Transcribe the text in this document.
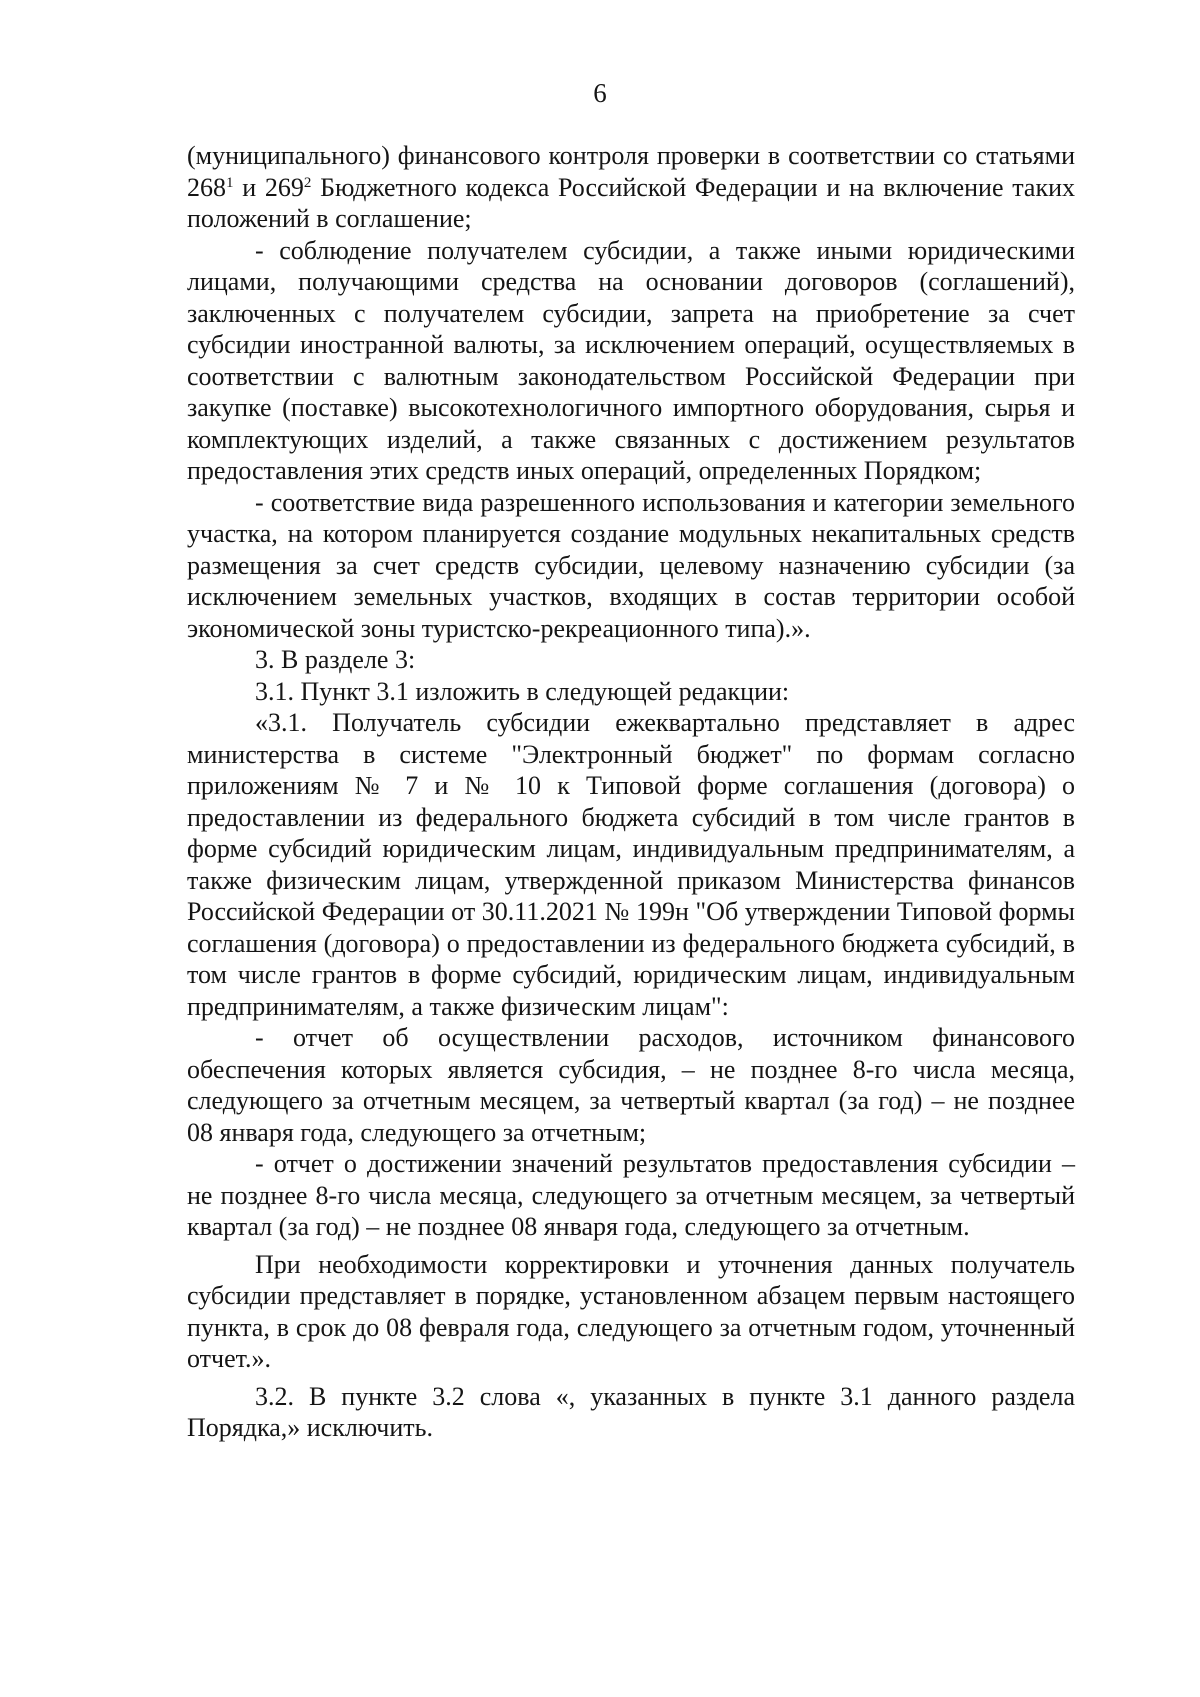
6

(муниципального) финансового контроля проверки в соответствии со статьями $268^1$ и $269^2$ Бюджетного кодекса Российской Федерации и на включение таких положений в соглашение;

- соблюдение получателем субсидии, а также иными юридическими лицами, получающими средства на основании договоров (соглашений), заключенных с получателем субсидии, запрета на приобретение за счет субсидии иностранной валюты, за исключением операций, осуществляемых в соответствии с валютным законодательством Российской Федерации при закупке (поставке) высокотехнологичного импортного оборудования, сырья и комплектующих изделий, а также связанных с достижением результатов предоставления этих средств иных операций, определенных Порядком;

- соответствие вида разрешенного использования и категории земельного участка, на котором планируется создание модульных некапитальных средств размещения за счет средств субсидии, целевому назначению субсидии (за исключением земельных участков, входящих в состав территории особой экономической зоны туристско-рекреационного типа).».

3. В разделе 3:

3.1. Пункт 3.1 изложить в следующей редакции:

«3.1. Получатель субсидии ежеквартально представляет в адрес министерства в системе "Электронный бюджет" по формам согласно приложениям № 7 и № 10 к Типовой форме соглашения (договора) о предоставлении из федерального бюджета субсидий в том числе грантов в форме субсидий юридическим лицам, индивидуальным предпринимателям, а также физическим лицам, утвержденной приказом Министерства финансов Российской Федерации от 30.11.2021 № 199н "Об утверждении Типовой формы соглашения (договора) о предоставлении из федерального бюджета субсидий, в том числе грантов в форме субсидий, юридическим лицам, индивидуальным предпринимателям, а также физическим лицам":

- отчет об осуществлении расходов, источником финансового обеспечения которых является субсидия, – не позднее 8-го числа месяца, следующего за отчетным месяцем, за четвертый квартал (за год) – не позднее 08 января года, следующего за отчетным;

- отчет о достижении значений результатов предоставления субсидии – не позднее 8-го числа месяца, следующего за отчетным месяцем, за четвертый квартал (за год) – не позднее 08 января года, следующего за отчетным.

При необходимости корректировки и уточнения данных получатель субсидии представляет в порядке, установленном абзацем первым настоящего пункта, в срок до 08 февраля года, следующего за отчетным годом, уточненный отчет.».

3.2. В пункте 3.2 слова «, указанных в пункте 3.1 данного раздела Порядка,» исключить.
